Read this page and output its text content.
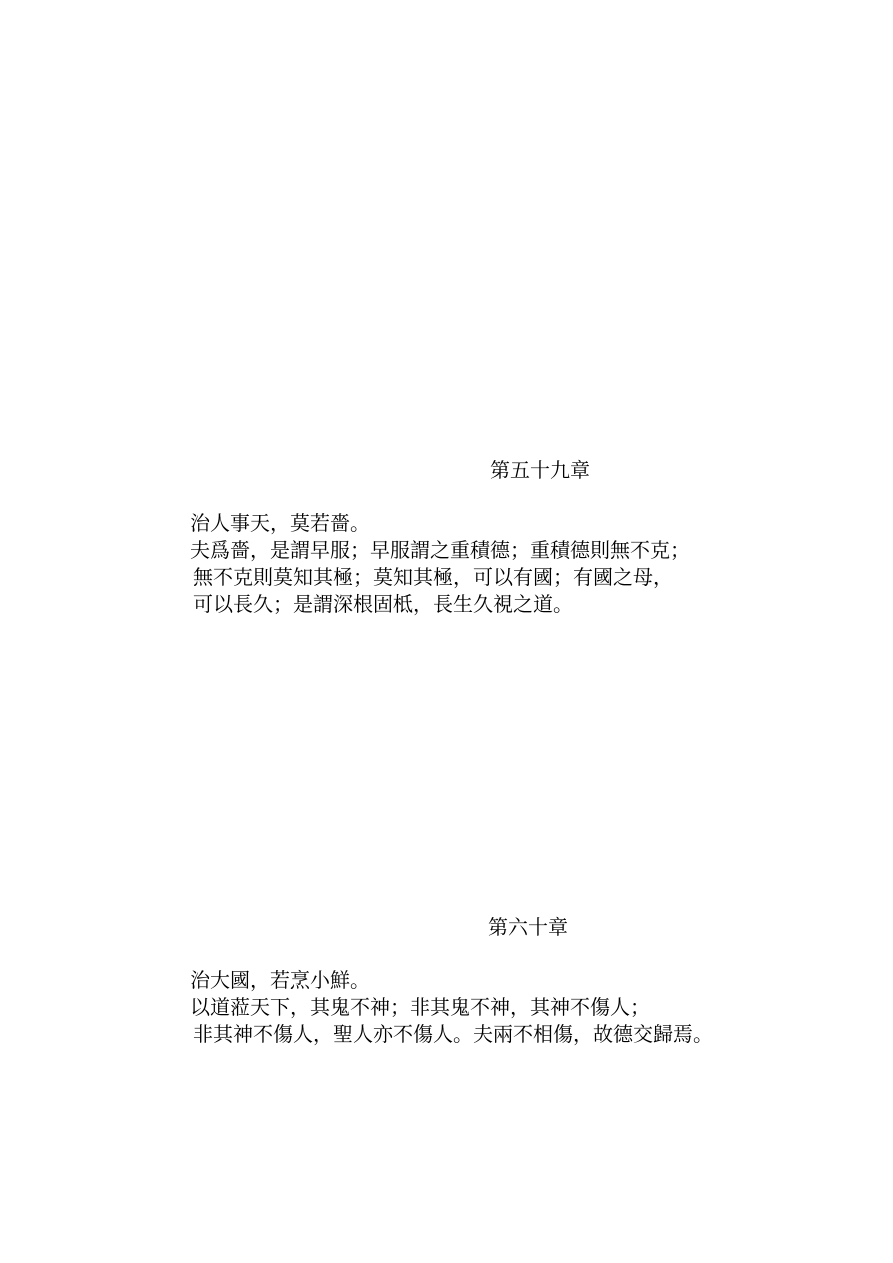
第五十九章
治人事天，莫若嗇。
夫爲嗇，是謂早服；早服謂之重積德；重積德則無不克；
無不克則莫知其極；莫知其極，可以有國；有國之母，
可以長久；是謂深根固柢，長生久視之道。
第六十章
治大國，若烹小鮮。
以道蒞天下，其鬼不神；非其鬼不神，其神不傷人；
非其神不傷人，聖人亦不傷人。夫兩不相傷，故德交歸焉。
